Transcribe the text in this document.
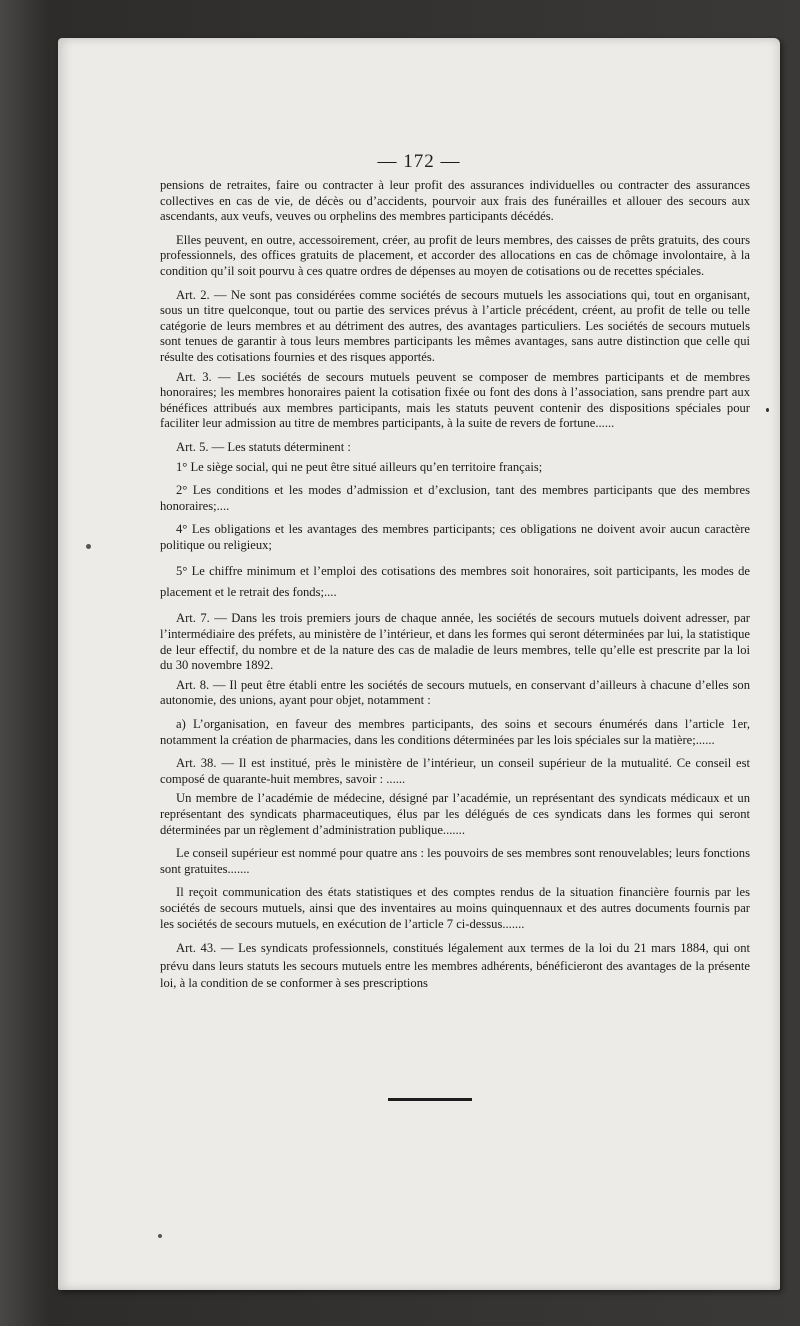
— 172 —

pensions de retraites, faire ou contracter à leur profit des assurances individuelles ou contracter des assurances collectives en cas de vie, de décès ou d’accidents, pourvoir aux frais des funérailles et allouer des secours aux ascendants, aux veufs, veuves ou orphelins des membres participants décédés.

Elles peuvent, en outre, accessoirement, créer, au profit de leurs membres, des caisses de prêts gratuits, des cours professionnels, des offices gratuits de placement, et accorder des allocations en cas de chômage involontaire, à la condition qu’il soit pourvu à ces quatre ordres de dépenses au moyen de cotisations ou de recettes spéciales.

Art. 2. — Ne sont pas considérées comme sociétés de secours mutuels les associations qui, tout en organisant, sous un titre quelconque, tout ou partie des services prévus à l’article précédent, créent, au profit de telle ou telle catégorie de leurs membres et au détriment des autres, des avantages particuliers. Les sociétés de secours mutuels sont tenues de garantir à tous leurs membres participants les mêmes avantages, sans autre distinction que celle qui résulte des cotisations fournies et des risques apportés.

Art. 3. — Les sociétés de secours mutuels peuvent se composer de membres participants et de membres honoraires; les membres honoraires paient la cotisation fixée ou font des dons à l’association, sans prendre part aux bénéfices attribués aux membres participants, mais les statuts peuvent contenir des dispositions spéciales pour faciliter leur admission au titre de membres participants, à la suite de revers de fortune......

Art. 5. — Les statuts déterminent :

1° Le siège social, qui ne peut être situé ailleurs qu’en territoire français;

2° Les conditions et les modes d’admission et d’exclusion, tant des membres participants que des membres honoraires;....

4° Les obligations et les avantages des membres participants; ces obligations ne doivent avoir aucun caractère politique ou religieux;

5° Le chiffre minimum et l’emploi des cotisations des membres soit honoraires, soit participants, les modes de placement et le retrait des fonds;....

Art. 7. — Dans les trois premiers jours de chaque année, les sociétés de secours mutuels doivent adresser, par l’intermédiaire des préfets, au ministère de l’intérieur, et dans les formes qui seront déterminées par lui, la statistique de leur effectif, du nombre et de la nature des cas de maladie de leurs membres, telle qu’elle est prescrite par la loi du 30 novembre 1892.

Art. 8. — Il peut être établi entre les sociétés de secours mutuels, en conservant d’ailleurs à chacune d’elles son autonomie, des unions, ayant pour objet, notamment :

a) L’organisation, en faveur des membres participants, des soins et secours énumérés dans l’article 1er, notamment la création de pharmacies, dans les conditions déterminées par les lois spéciales sur la matière;......

Art. 38. — Il est institué, près le ministère de l’intérieur, un conseil supérieur de la mutualité. Ce conseil est composé de quarante-huit membres, savoir : ......

Un membre de l’académie de médecine, désigné par l’académie, un représentant des syndicats médicaux et un représentant des syndicats pharmaceutiques, élus par les délégués de ces syndicats dans les formes qui seront déterminées par un règlement d’administration publique.......

Le conseil supérieur est nommé pour quatre ans : les pouvoirs de ses membres sont renouvelables; leurs fonctions sont gratuites.......

Il reçoit communication des états statistiques et des comptes rendus de la situation financière fournis par les sociétés de secours mutuels, ainsi que des inventaires au moins quinquennaux et des autres documents fournis par les sociétés de secours mutuels, en exécution de l’article 7 ci-dessus.......

Art. 43. — Les syndicats professionnels, constitués légalement aux termes de la loi du 21 mars 1884, qui ont prévu dans leurs statuts les secours mutuels entre les membres adhérents, bénéficieront des avantages de la présente loi, à la condition de se conformer à ses prescriptions
